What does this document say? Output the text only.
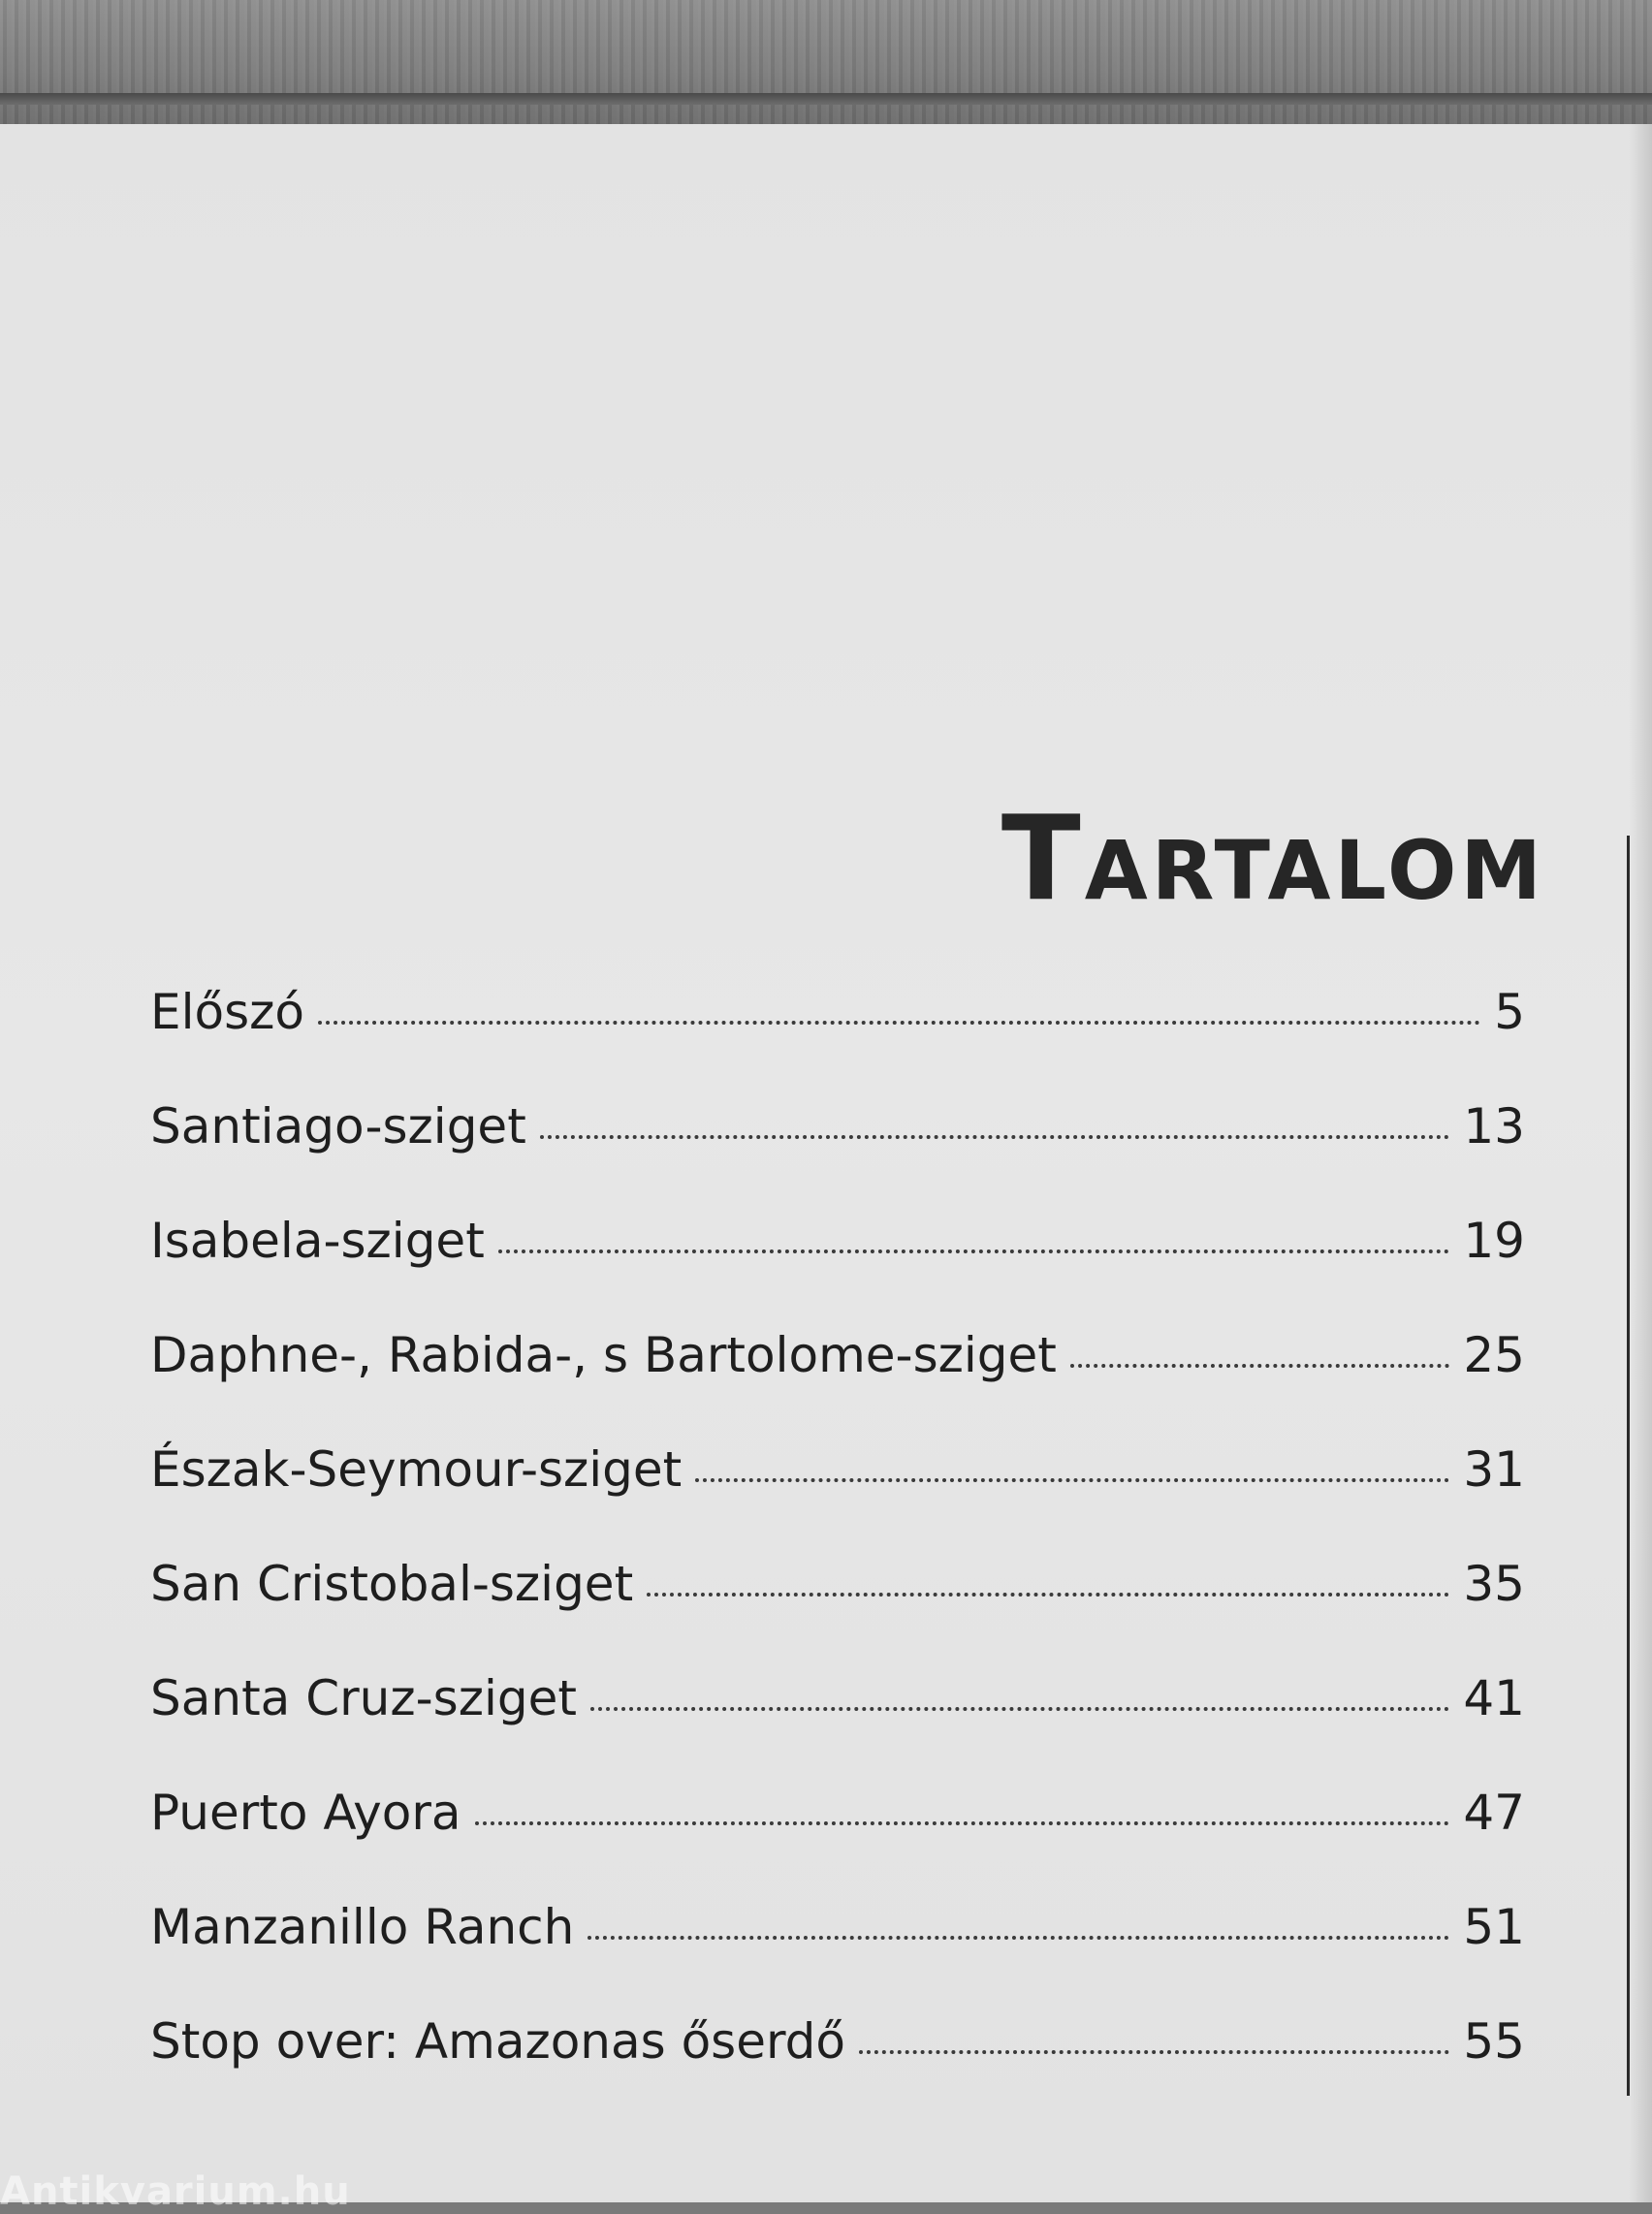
Tartalom
Előszó	5
Santiago-sziget	13
Isabela-sziget	19
Daphne-, Rabida-, s Bartolome-sziget	25
Észak-Seymour-sziget	31
San Cristobal-sziget	35
Santa Cruz-sziget	41
Puerto Ayora	47
Manzanillo Ranch	51
Stop over: Amazonas őserdő	55
Antikvarium.hu
